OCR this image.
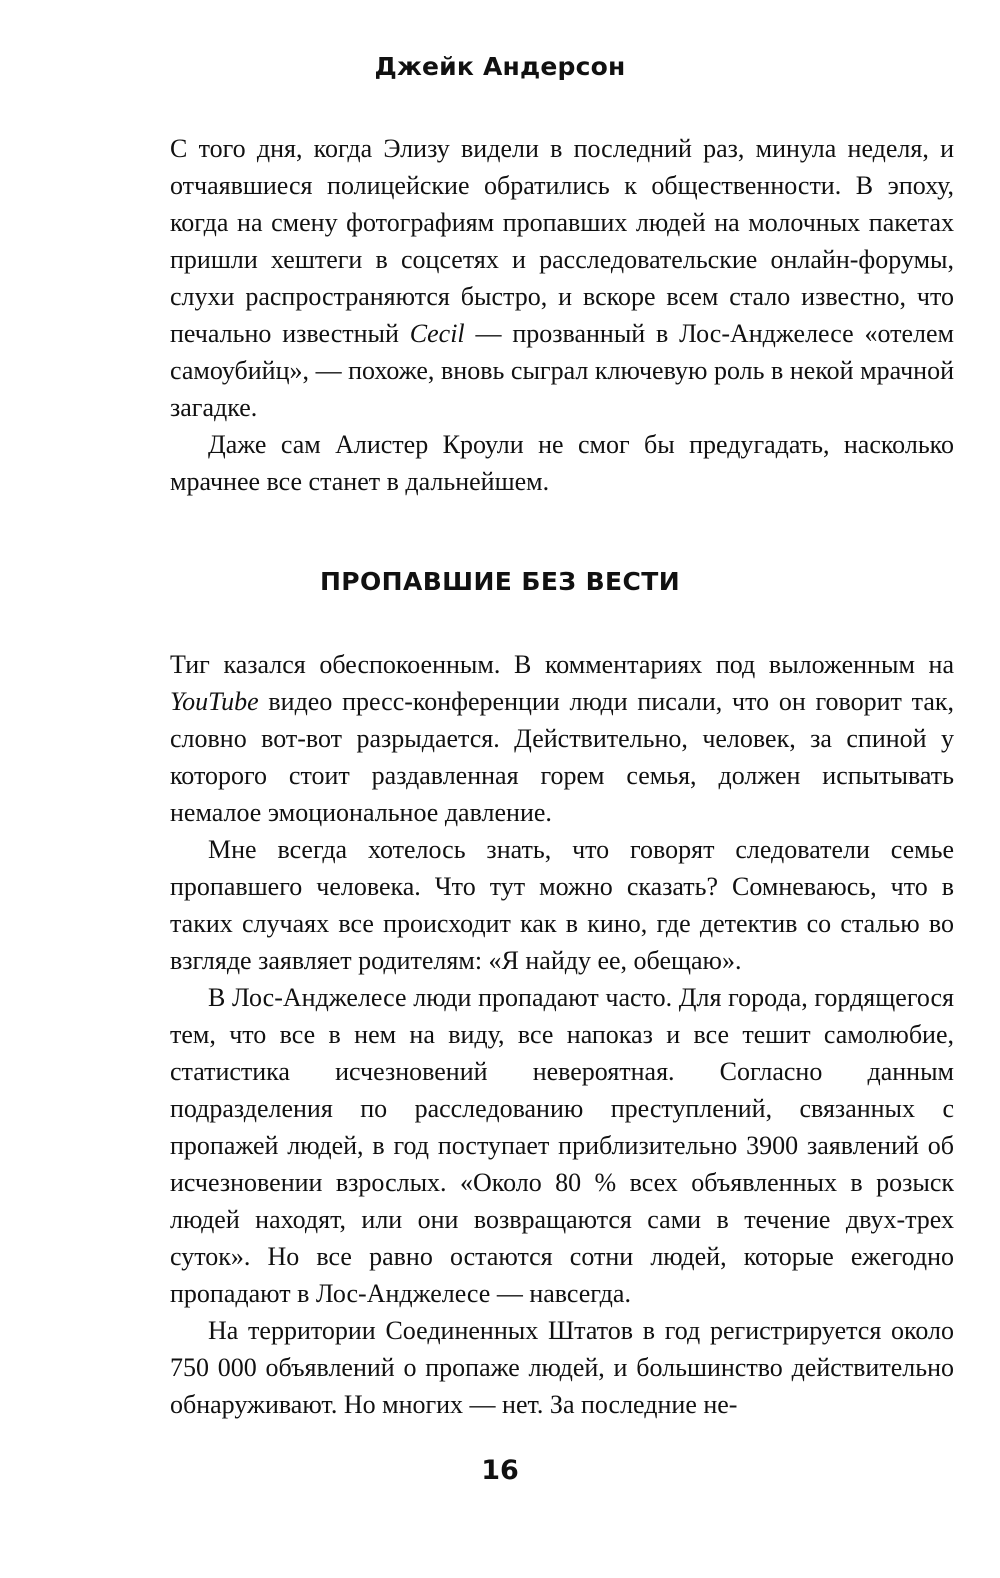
Джейк Андерсон

С того дня, когда Элизу видели в последний раз, минула неделя, и отчаявшиеся полицейские обратились к общественности. В эпоху, когда на смену фотографиям пропавших людей на молочных пакетах пришли хештеги в соцсетях и расследовательские онлайн-форумы, слухи распространяются быстро, и вскоре всем стало известно, что печально известный Cecil — прозванный в Лос-Анджелесе «отелем самоубийц», — похоже, вновь сыграл ключевую роль в некой мрачной загадке.

Даже сам Алистер Кроули не смог бы предугадать, насколько мрачнее все станет в дальнейшем.

ПРОПАВШИЕ БЕЗ ВЕСТИ

Тиг казался обеспокоенным. В комментариях под выложенным на YouTube видео пресс-конференции люди писали, что он говорит так, словно вот-вот разрыдается. Действительно, человек, за спиной у которого стоит раздавленная горем семья, должен испытывать немалое эмоциональное давление.

Мне всегда хотелось знать, что говорят следователи семье пропавшего человека. Что тут можно сказать? Сомневаюсь, что в таких случаях все происходит как в кино, где детектив со сталью во взгляде заявляет родителям: «Я найду ее, обещаю».

В Лос-Анджелесе люди пропадают часто. Для города, гордящегося тем, что все в нем на виду, все напоказ и все тешит самолюбие, статистика исчезновений невероятная. Согласно данным подразделения по расследованию преступлений, связанных с пропажей людей, в год поступает приблизительно 3900 заявлений об исчезновении взрослых. «Около 80 % всех объявленных в розыск людей находят, или они возвращаются сами в течение двух-трех суток». Но все равно остаются сотни людей, которые ежегодно пропадают в Лос-Анджелесе — навсегда.

На территории Соединенных Штатов в год регистрируется около 750 000 объявлений о пропаже людей, и большинство действительно обнаруживают. Но многих — нет. За последние не-

16
